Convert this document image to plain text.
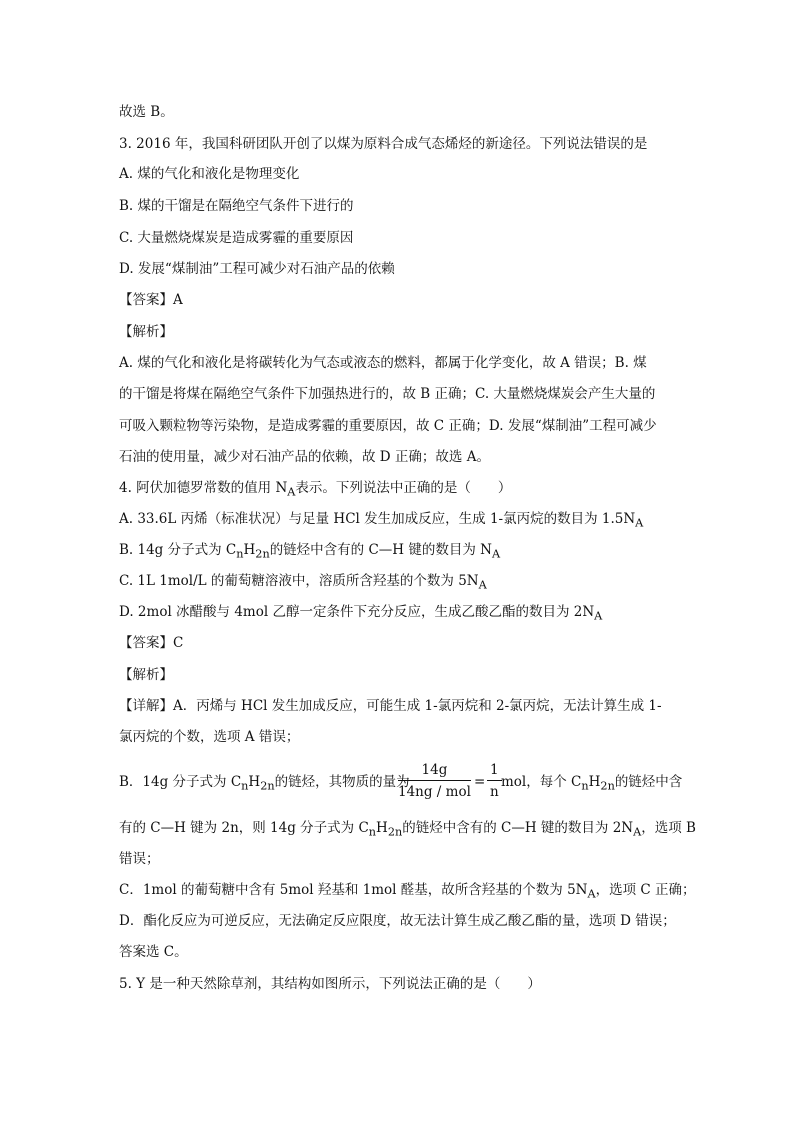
故选 B。
3. 2016 年，我国科研团队开创了以煤为原料合成气态烯烃的新途径。下列说法错误的是
A. 煤的气化和液化是物理变化
B. 煤的干馏是在隔绝空气条件下进行的
C. 大量燃烧煤炭是造成雾霾的重要原因
D. 发展“煤制油”工程可减少对石油产品的依赖
【答案】A
【解析】
A. 煤的气化和液化是将碳转化为气态或液态的燃料，都属于化学变化，故 A 错误；B. 煤
的干馏是将煤在隔绝空气条件下加强热进行的，故 B 正确；C. 大量燃烧煤炭会产生大量的
可吸入颗粒物等污染物，是造成雾霾的重要原因，故 C 正确；D. 发展“煤制油”工程可减少
石油的使用量，减少对石油产品的依赖，故 D 正确；故选 A。
4. 阿伏加德罗常数的值用 $N_A$表示。下列说法中正确的是（　　）
A. 33.6L 丙烯（标准状况）与足量 HCl 发生加成反应，生成 1-氯丙烷的数目为 $1.5N_A$
B. 14g 分子式为 $C_nH_{2n}$的链烃中含有的 C—H 键的数目为 $N_A$
C. 1L 1mol/L 的葡萄糖溶液中，溶质所含羟基的个数为 $5N_A$
D. 2mol 冰醋酸与 4mol 乙醇一定条件下充分反应，生成乙酸乙酯的数目为 $2N_A$
【答案】C
【解析】
【详解】A．丙烯与 HCl 发生加成反应，可能生成 1-氯丙烷和 2-氯丙烷，无法计算生成 1-
氯丙烷的个数，选项 A 错误；
B．14g 分子式为 $C_nH_{2n}$的链烃，其物质的量为
14g
14ng / mol
= $\frac{1}{n}$ mol，每个 $C_nH_{2n}$的链烃中含
有的 C—H 键为 2n，则 14g 分子式为 $C_nH_{2n}$的链烃中含有的 C—H 键的数目为 $2N_A$，选项 B
错误；
C．1mol 的葡萄糖中含有 5mol 羟基和 1mol 醛基，故所含羟基的个数为 $5N_A$，选项 C 正确；
D．酯化反应为可逆反应，无法确定反应限度，故无法计算生成乙酸乙酯的量，选项 D 错误；
答案选 C。
5. Y 是一种天然除草剂，其结构如图所示，下列说法正确的是（　　）
